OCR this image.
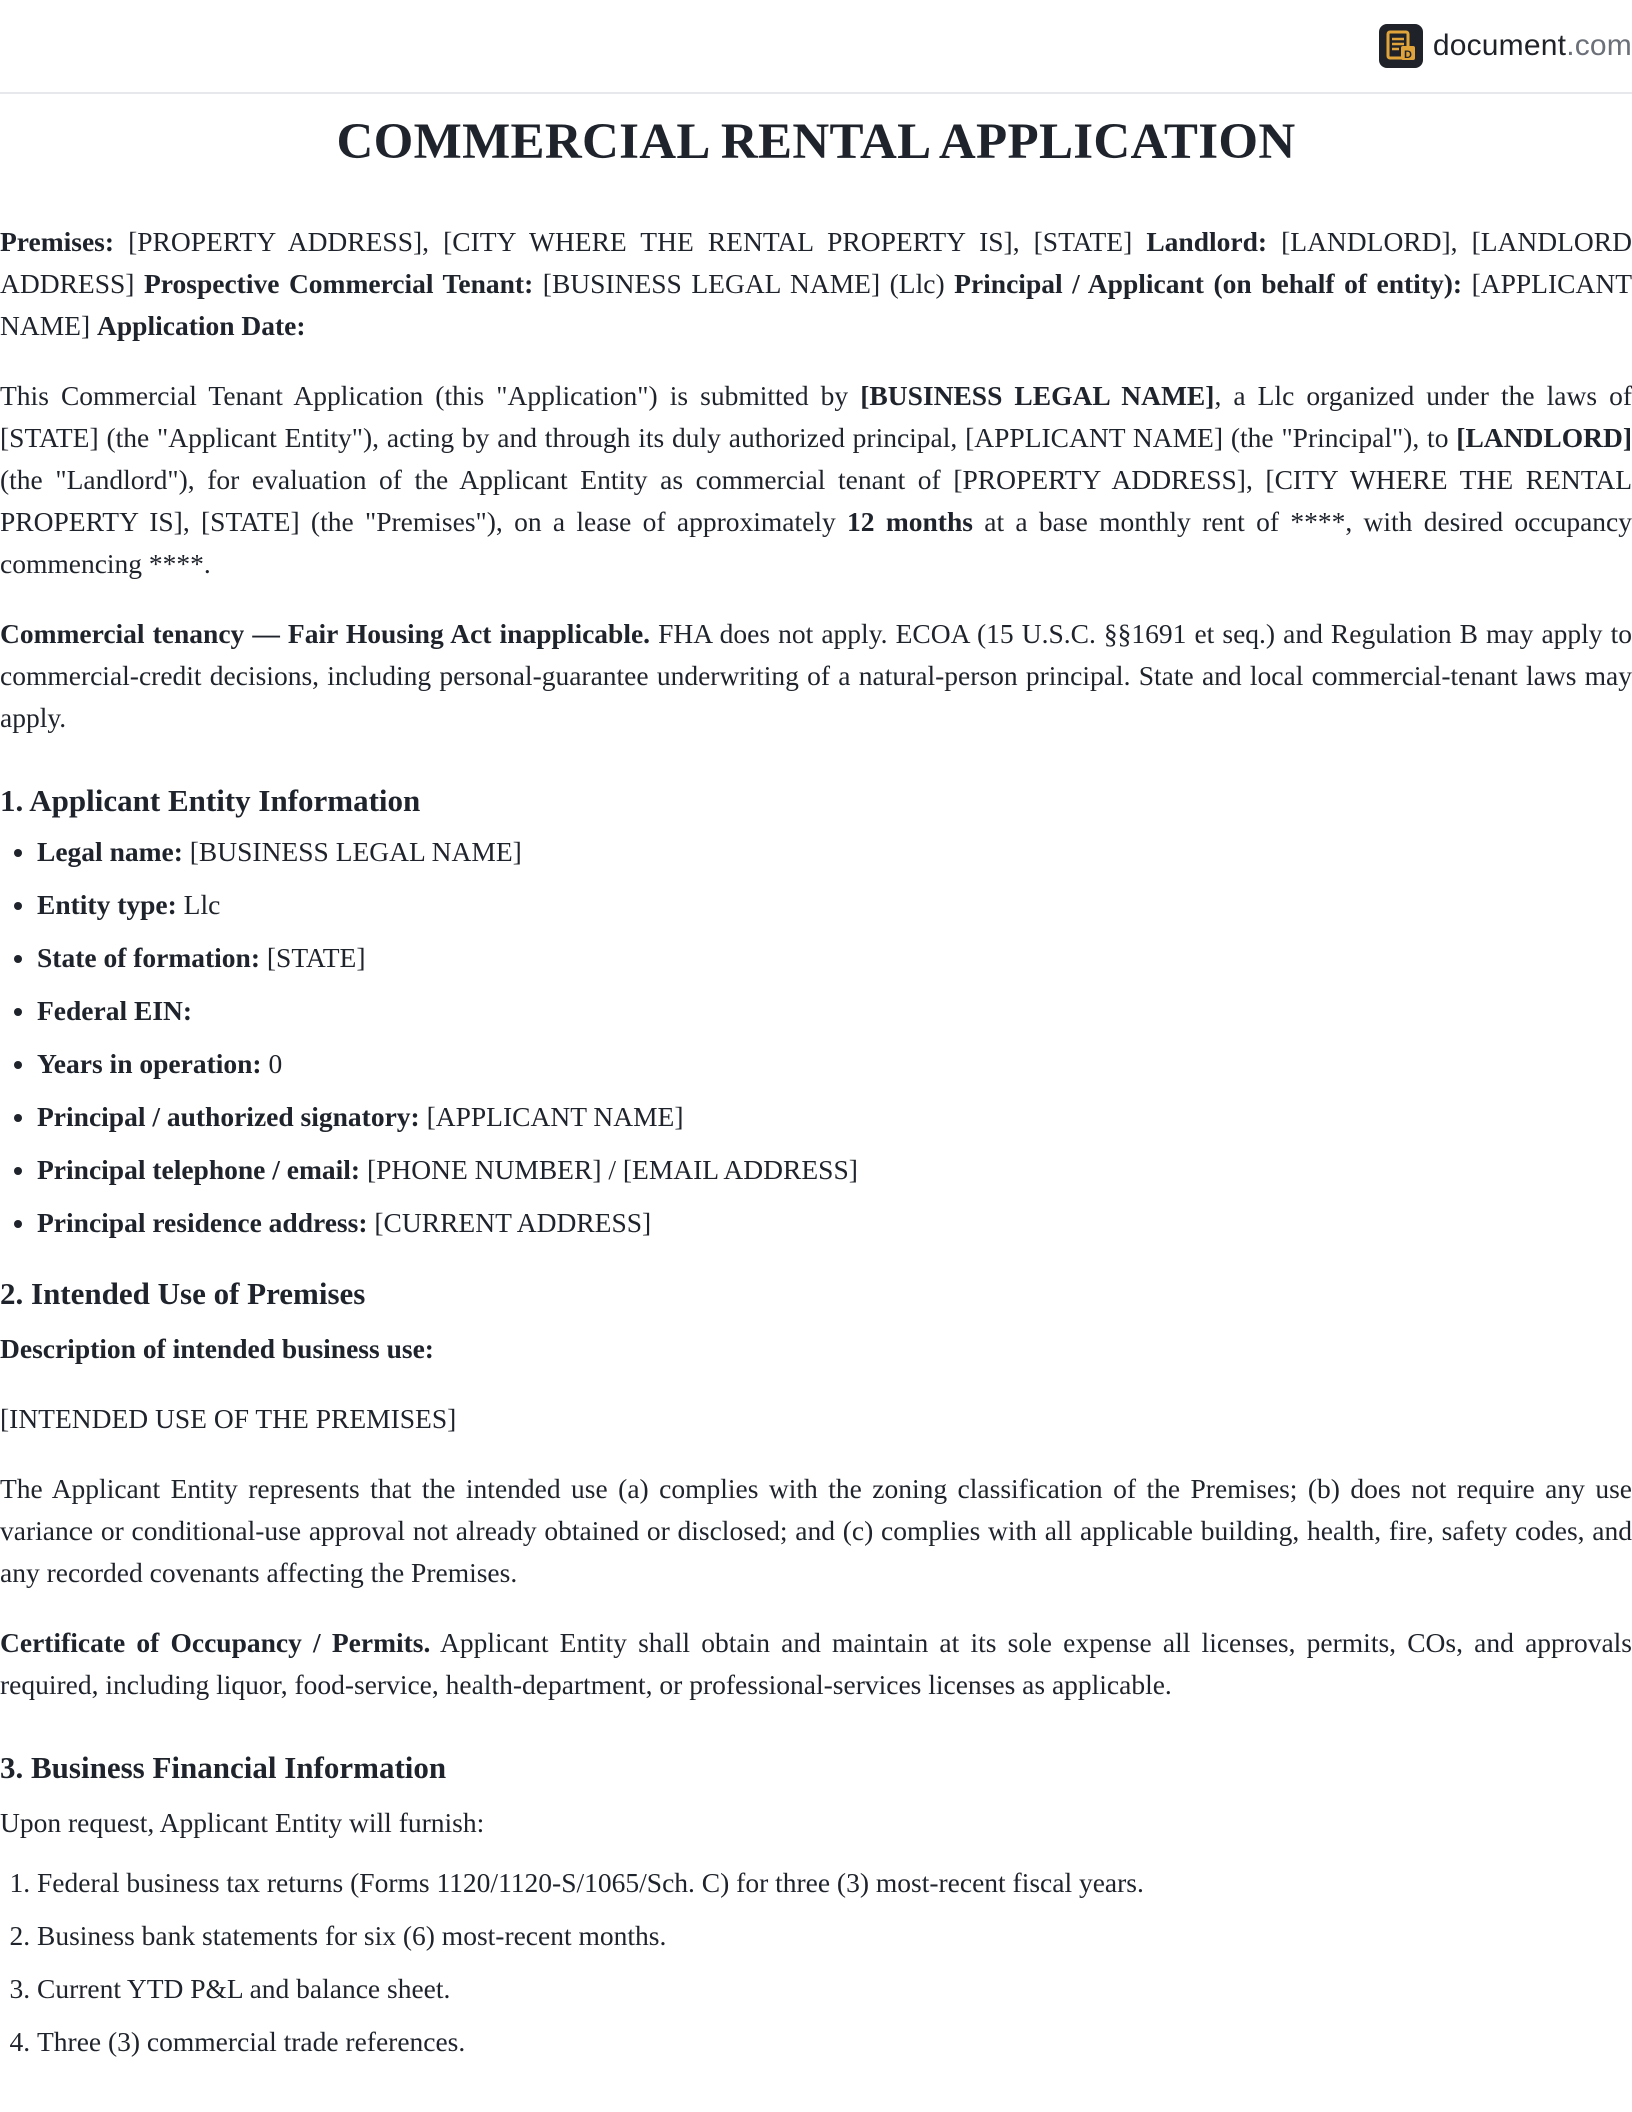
D document.com
COMMERCIAL RENTAL APPLICATION

Premises: [PROPERTY ADDRESS], [CITY WHERE THE RENTAL PROPERTY IS], [STATE] Landlord: [LANDLORD], [LANDLORD ADDRESS] Prospective Commercial Tenant: [BUSINESS LEGAL NAME] (Llc) Principal / Applicant (on behalf of entity): [APPLICANT NAME] Application Date:

This Commercial Tenant Application (this "Application") is submitted by [BUSINESS LEGAL NAME], a Llc organized under the laws of [STATE] (the "Applicant Entity"), acting by and through its duly authorized principal, [APPLICANT NAME] (the "Principal"), to [LANDLORD] (the "Landlord"), for evaluation of the Applicant Entity as commercial tenant of [PROPERTY ADDRESS], [CITY WHERE THE RENTAL PROPERTY IS], [STATE] (the "Premises"), on a lease of approximately 12 months at a base monthly rent of ****, with desired occupancy commencing ****.

Commercial tenancy — Fair Housing Act inapplicable. FHA does not apply. ECOA (15 U.S.C. §§1691 et seq.) and Regulation B may apply to commercial-credit decisions, including personal-guarantee underwriting of a natural-person principal. State and local commercial-tenant laws may apply.

1. Applicant Entity Information
• Legal name: [BUSINESS LEGAL NAME]
• Entity type: Llc
• State of formation: [STATE]
• Federal EIN:
• Years in operation: 0
• Principal / authorized signatory: [APPLICANT NAME]
• Principal telephone / email: [PHONE NUMBER] / [EMAIL ADDRESS]
• Principal residence address: [CURRENT ADDRESS]
2. Intended Use of Premises

Description of intended business use:

[INTENDED USE OF THE PREMISES]

The Applicant Entity represents that the intended use (a) complies with the zoning classification of the Premises; (b) does not require any use variance or conditional-use approval not already obtained or disclosed; and (c) complies with all applicable building, health, fire, safety codes, and any recorded covenants affecting the Premises.

Certificate of Occupancy / Permits. Applicant Entity shall obtain and maintain at its sole expense all licenses, permits, COs, and approvals required, including liquor, food-service, health-department, or professional-services licenses as applicable.

3. Business Financial Information

Upon request, Applicant Entity will furnish:

1. Federal business tax returns (Forms 1120/1120-S/1065/Sch. C) for three (3) most-recent fiscal years.
2. Business bank statements for six (6) most-recent months.
3. Current YTD P&L and balance sheet.
4. Three (3) commercial trade references.
